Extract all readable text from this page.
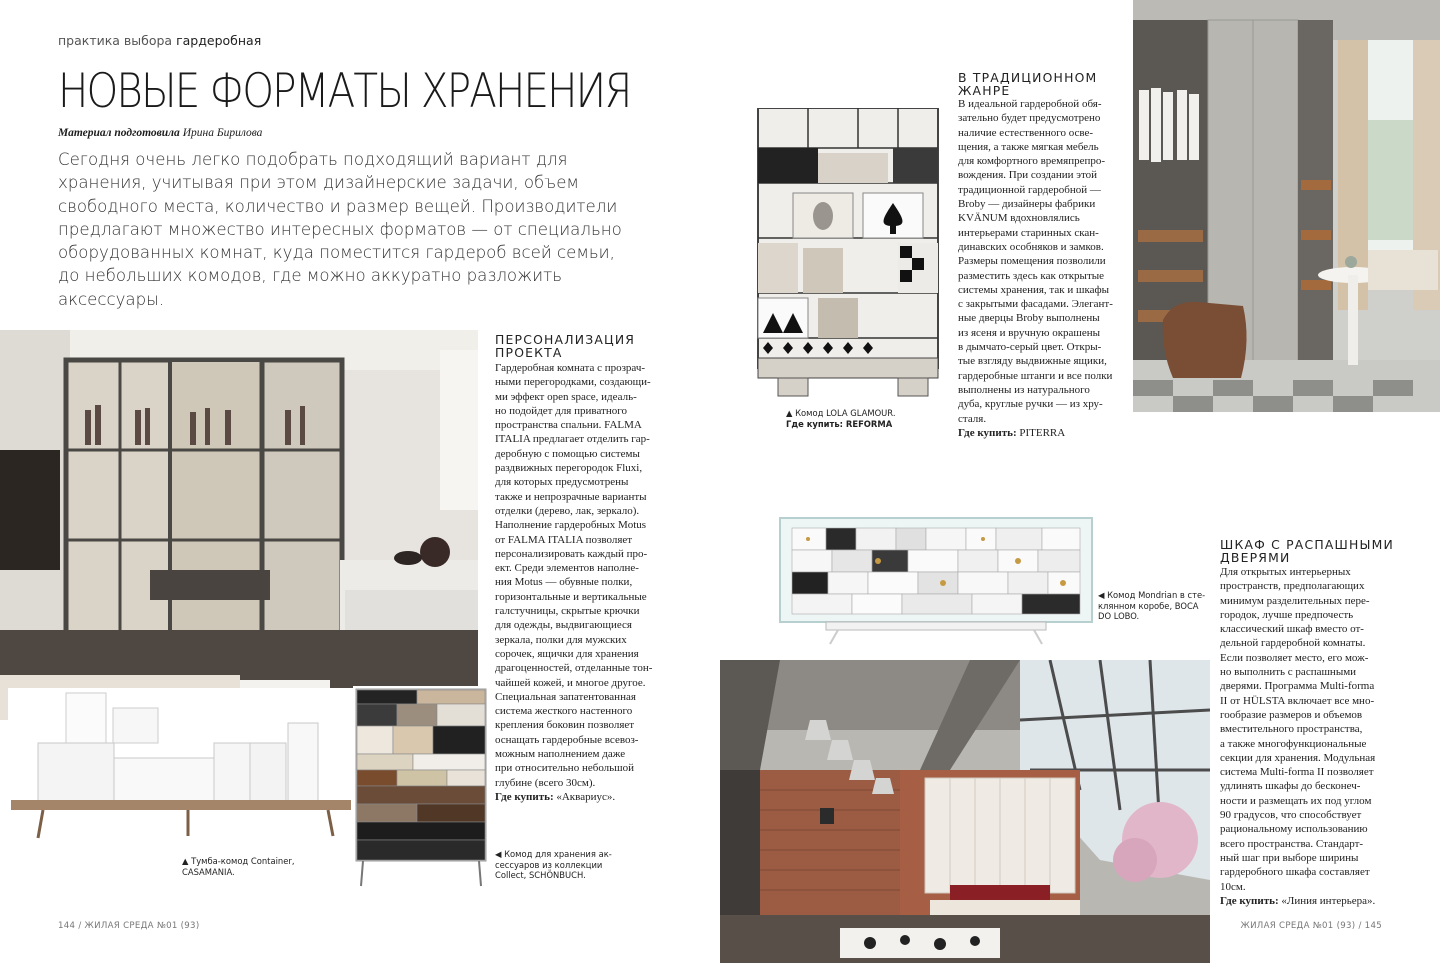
практика выбора гардеробная
НОВЫЕ ФОРМАТЫ ХРАНЕНИЯ
Материал подготовила Ирина Бирилова
Сегодня очень легко подобрать подходящий вариант для хранения, учитывая при этом дизайнерские задачи, объем свободного места, количество и размер вещей. Производители предлагают множество интересных форматов — от специально оборудованных комнат, куда поместится гардероб всей семьи, до небольших комодов, где можно аккуратно разложить аксессуары.
ПЕРСОНАЛИЗАЦИЯ
ПРОЕКТА
Гардеробная комната с прозрач-
ными перегородками, создающи-
ми эффект open space, идеаль-
но подойдет для приватного
пространства спальни. FALMA
ITALIA предлагает отделить гар-
деробную с помощью системы
раздвижных перегородок Fluxi,
для которых предусмотрены
также и непрозрачные варианты
отделки (дерево, лак, зеркало).
Наполнение гардеробных Motus
от FALMA ITALIA позволяет
персонализировать каждый про-
ект. Среди элементов наполне-
ния Motus — обувные полки,
горизонтальные и вертикальные
галстучницы, скрытые крючки
для одежды, выдвигающиеся
зеркала, полки для мужских
сорочек, ящички для хранения
драгоценностей, отделанные тон-
чайшей кожей, и многое другое.
Специальная запатентованная
система жесткого настенного
крепления боковин позволяет
оснащать гардеробные всевоз-
можным наполнением даже
при относительно небольшой
глубине (всего 30см).
Где купить: «Аквариус».
▲ Комод LOLA GLAMOUR.
Где купить: REFORMA
В ТРАДИЦИОННОМ
ЖАНРЕ
В идеальной гардеробной обя-
зательно будет предусмотрено
наличие естественного осве-
щения, а также мягкая мебель
для комфортного времяпрепро-
вождения. При создании этой
традиционной гардеробной —
Broby — дизайнеры фабрики
KVÄNUM вдохновлялись
интерьерами старинных скан-
динавских особняков и замков.
Размеры помещения позволили
разместить здесь как открытые
системы хранения, так и шкафы
с закрытыми фасадами. Элегант-
ные дверцы Broby выполнены
из ясеня и вручную окрашены
в дымчато-серый цвет. Откры-
тые взгляду выдвижные ящики,
гардеробные штанги и все полки
выполнены из натурального
дуба, круглые ручки — из хру-
сталя.
Где купить: PITERRA
◀ Комод Mondrian в сте-
клянном коробе, BOCA
DO LOBO.
ШКАФ С РАСПАШНЫМИ
ДВЕРЯМИ
Для открытых интерьерных
пространств, предполагающих
минимум разделительных пере-
городок, лучше предпочесть
классический шкаф вместо от-
дельной гардеробной комнаты.
Если позволяет место, его мож-
но выполнить с распашными
дверями. Программа Multi-forma
II от HÜLSTA включает все мно-
гообразие размеров и объемов
вместительного пространства,
а также многофункциональные
секции для хранения. Модульная
система Multi-forma II позволяет
удлинять шкафы до бесконеч-
ности и размещать их под углом
90 градусов, что способствует
рациональному использованию
всего пространства. Стандарт-
ный шаг при выборе ширины
гардеробного шкафа составляет
10см.
Где купить: «Линия интерьера».
▲ Тумба-комод Container,
CASAMANIA.
◀ Комод для хранения ак-
сессуаров из коллекции
Collect, SCHÖNBUCH.
144 / ЖИЛАЯ СРЕДА №01 (93)	ЖИЛАЯ СРЕДА №01 (93) / 145
